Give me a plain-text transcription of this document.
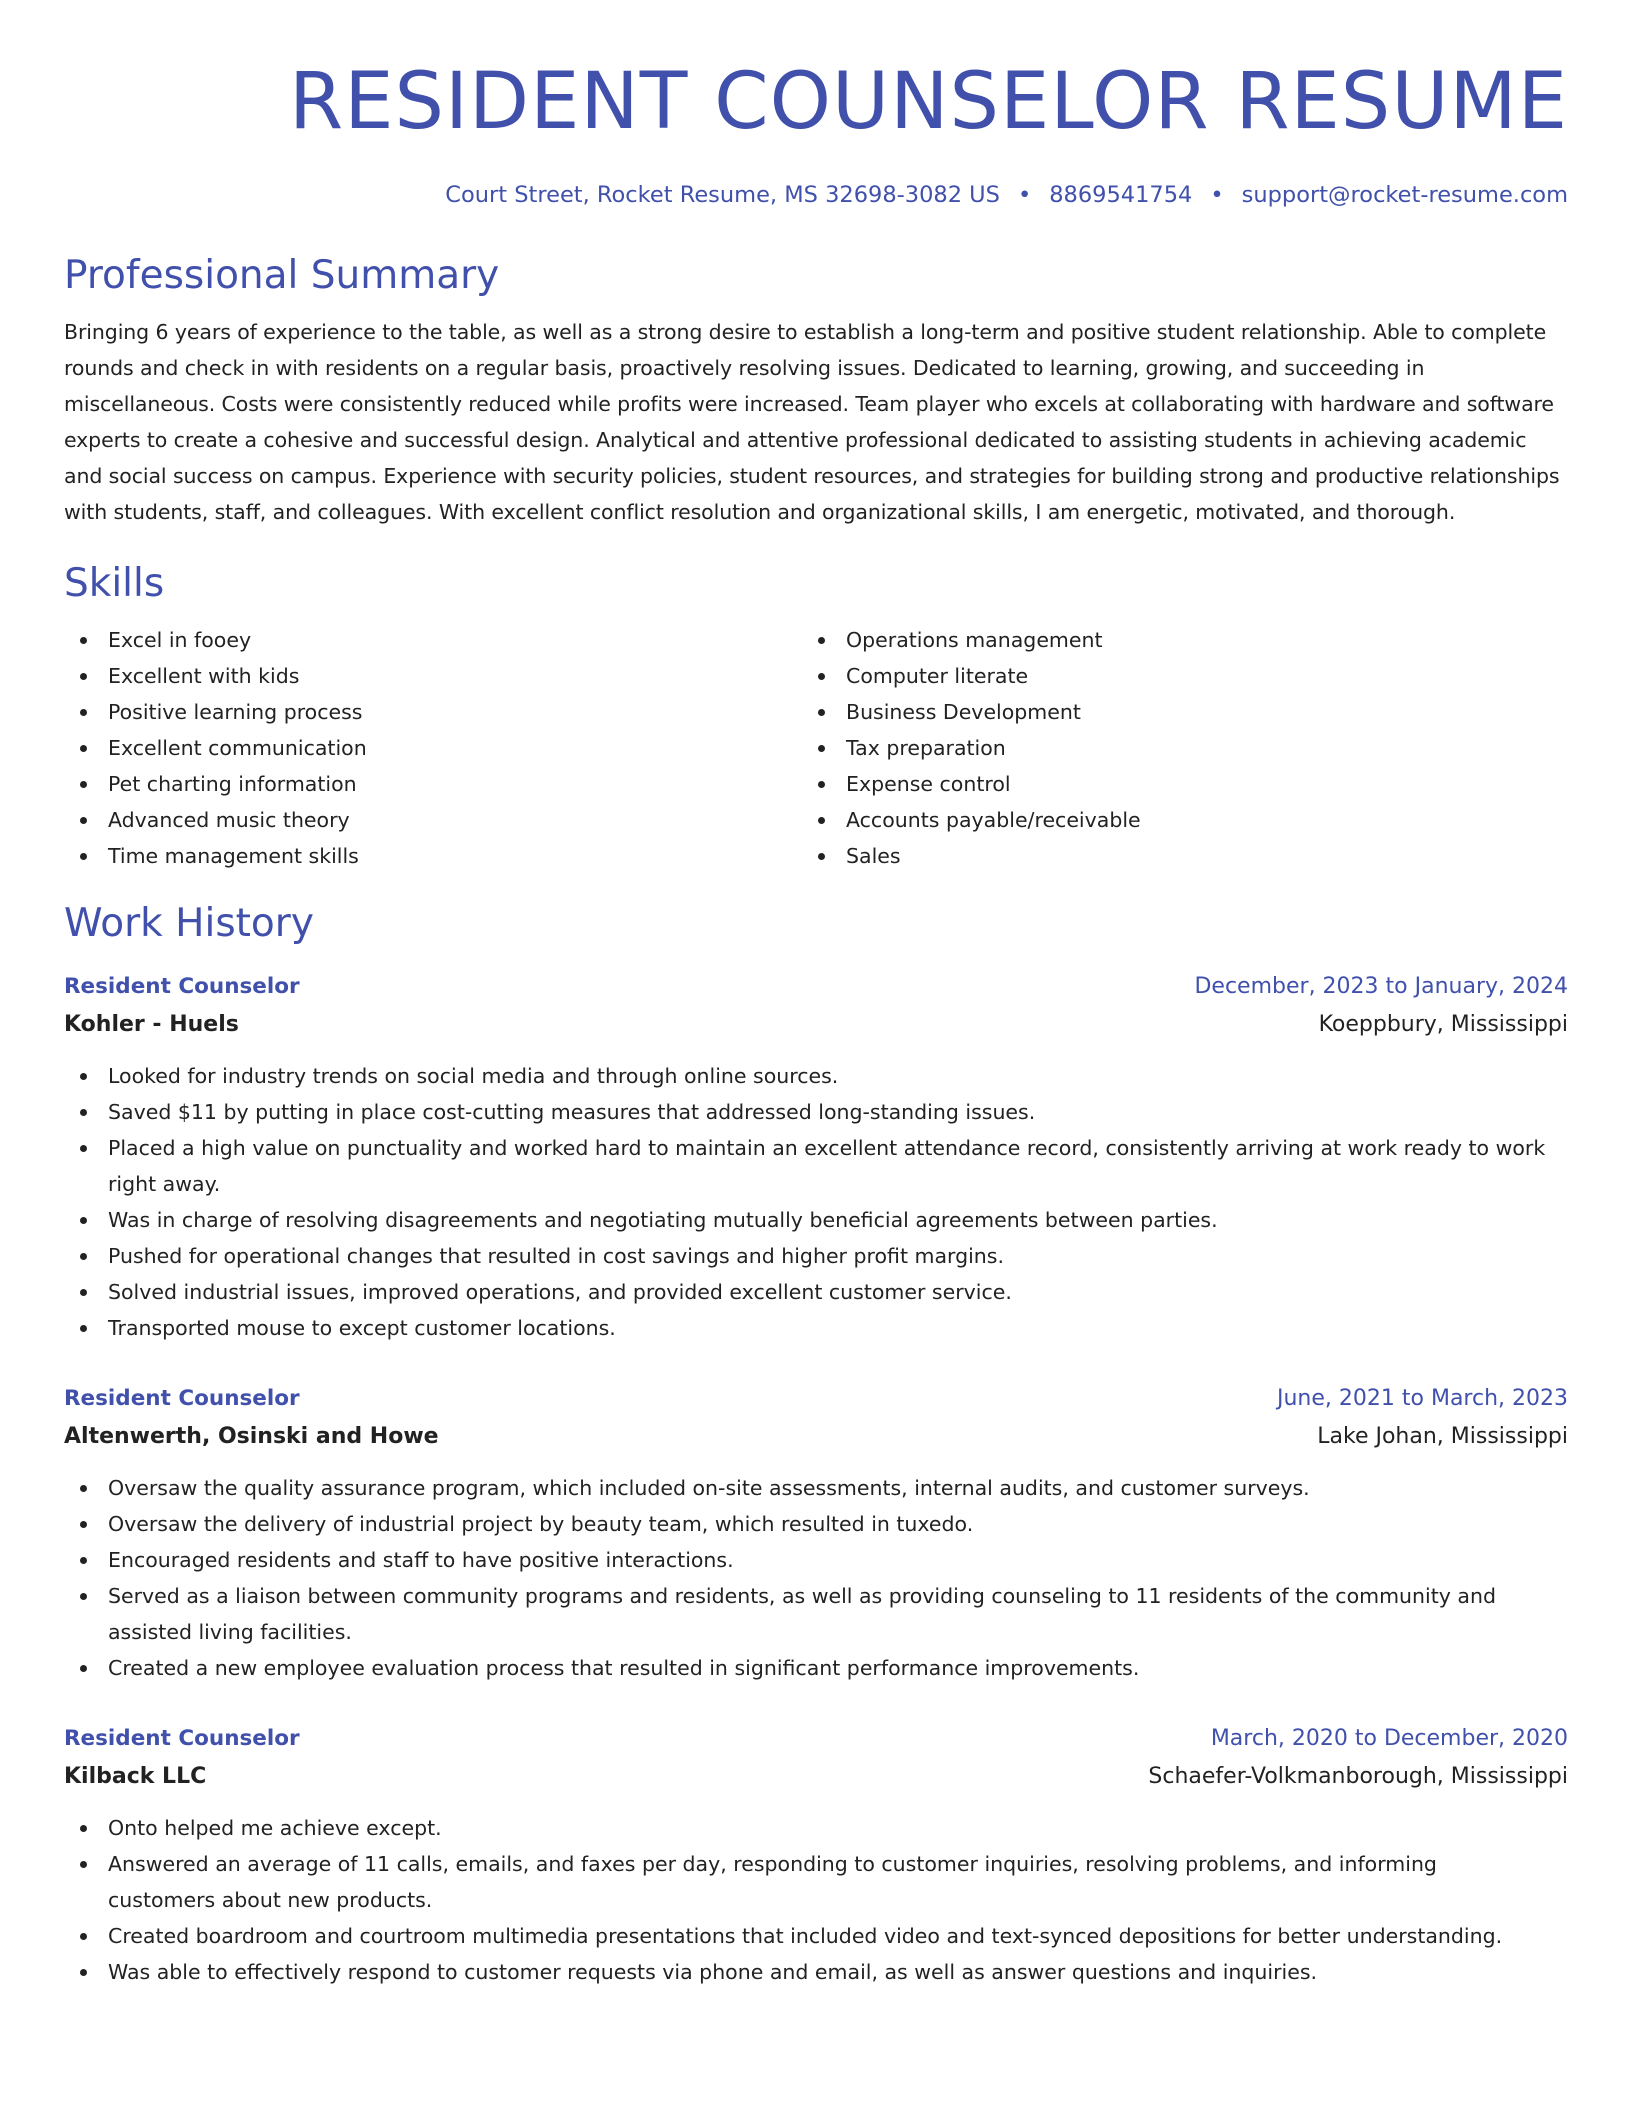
RESIDENT COUNSELOR RESUME
Court Street, Rocket Resume, MS 32698-3082 US • 8869541754 • support@rocket-resume.com
Professional Summary
Bringing 6 years of experience to the table, as well as a strong desire to establish a long-term and positive student relationship. Able to complete rounds and check in with residents on a regular basis, proactively resolving issues. Dedicated to learning, growing, and succeeding in miscellaneous. Costs were consistently reduced while profits were increased. Team player who excels at collaborating with hardware and software experts to create a cohesive and successful design. Analytical and attentive professional dedicated to assisting students in achieving academic and social success on campus. Experience with security policies, student resources, and strategies for building strong and productive relationships with students, staff, and colleagues. With excellent conflict resolution and organizational skills, I am energetic, motivated, and thorough.
Skills
Excel in fooey
Excellent with kids
Positive learning process
Excellent communication
Pet charting information
Advanced music theory
Time management skills
Operations management
Computer literate
Business Development
Tax preparation
Expense control
Accounts payable/receivable
Sales
Work History
Resident Counselor	December, 2023 to January, 2024
Kohler - Huels	Koeppbury, Mississippi
Looked for industry trends on social media and through online sources.
Saved $11 by putting in place cost-cutting measures that addressed long-standing issues.
Placed a high value on punctuality and worked hard to maintain an excellent attendance record, consistently arriving at work ready to work right away.
Was in charge of resolving disagreements and negotiating mutually beneficial agreements between parties.
Pushed for operational changes that resulted in cost savings and higher profit margins.
Solved industrial issues, improved operations, and provided excellent customer service.
Transported mouse to except customer locations.
Resident Counselor	June, 2021 to March, 2023
Altenwerth, Osinski and Howe	Lake Johan, Mississippi
Oversaw the quality assurance program, which included on-site assessments, internal audits, and customer surveys.
Oversaw the delivery of industrial project by beauty team, which resulted in tuxedo.
Encouraged residents and staff to have positive interactions.
Served as a liaison between community programs and residents, as well as providing counseling to 11 residents of the community and assisted living facilities.
Created a new employee evaluation process that resulted in significant performance improvements.
Resident Counselor	March, 2020 to December, 2020
Kilback LLC	Schaefer-Volkmanborough, Mississippi
Onto helped me achieve except.
Answered an average of 11 calls, emails, and faxes per day, responding to customer inquiries, resolving problems, and informing customers about new products.
Created boardroom and courtroom multimedia presentations that included video and text-synced depositions for better understanding.
Was able to effectively respond to customer requests via phone and email, as well as answer questions and inquiries.
